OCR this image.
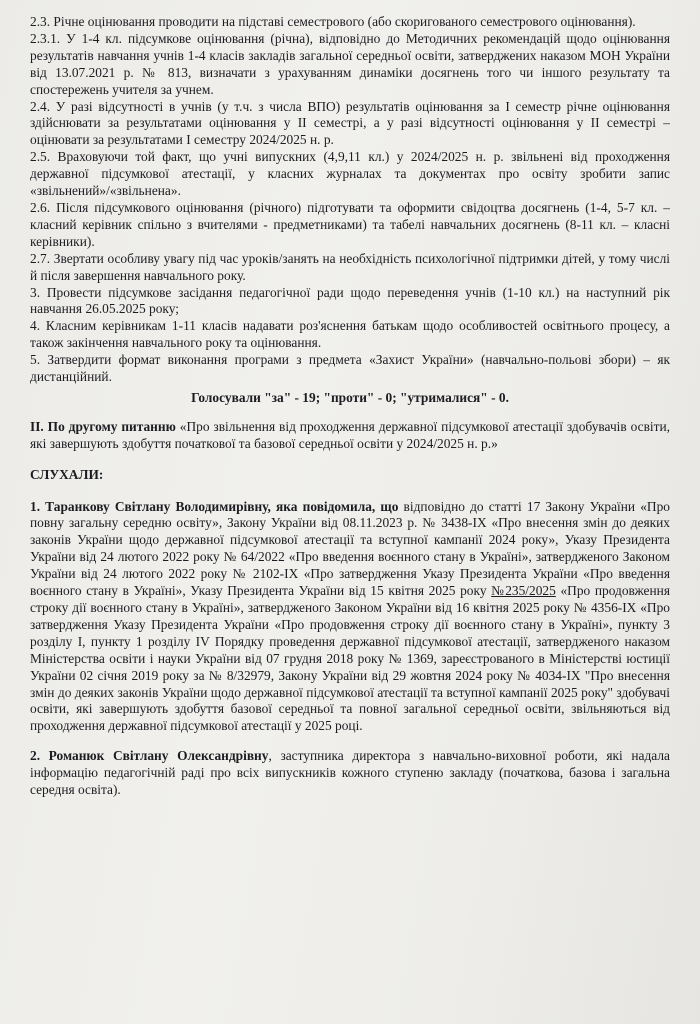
2.3. Річне оцінювання проводити на підставі семестрового (або скоригованого семестрового оцінювання).

2.3.1. У 1-4 кл. підсумкове оцінювання (річна), відповідно до Методичних рекомендацій щодо оцінювання результатів навчання учнів 1-4 класів закладів загальної середньої освіти, затверджених наказом МОН України від 13.07.2021 р. № 813, визначати з урахуванням динаміки досягнень того чи іншого результату та спостережень учителя за учнем.

2.4. У разі відсутності в учнів (у т.ч. з числа ВПО) результатів оцінювання за І семестр річне оцінювання здійснювати за результатами оцінювання у ІІ семестрі, а у разі відсутності оцінювання у ІІ семестрі – оцінювати за результатами І семестру 2024/2025 н. р.

2.5. Враховуючи той факт, що учні випускних (4,9,11 кл.) у 2024/2025 н. р. звільнені від проходження державної підсумкової атестації, у класних журналах та документах про освіту зробити запис «звільнений»/«звільнена».

2.6. Після підсумкового оцінювання (річного) підготувати та оформити свідоцтва досягнень (1-4, 5-7 кл. – класний керівник спільно з вчителями - предметниками) та табелі навчальних досягнень (8-11 кл. – класні керівники).

2.7. Звертати особливу увагу під час уроків/занять на необхідність психологічної підтримки дітей, у тому числі й після завершення навчального року.

3. Провести підсумкове засідання педагогічної ради щодо переведення учнів (1-10 кл.) на наступний рік навчання 26.05.2025 року;

4. Класним керівникам 1-11 класів надавати роз'яснення батькам щодо особливостей освітнього процесу, а також закінчення навчального року та оцінювання.

5. Затвердити формат виконання програми з предмета «Захист України» (навчально-польові збори) – як дистанційний.

Голосували "за" - 19; "проти" - 0; "утрималися" - 0.

ІІ. По другому питанню «Про звільнення від проходження державної підсумкової атестації здобувачів освіти, які завершують здобуття початкової та базової середньої освіти у 2024/2025 н. р.»

СЛУХАЛИ:

1. Таранкову Світлану Володимирівну, яка повідомила, що відповідно до статті 17 Закону України «Про повну загальну середню освіту», Закону України від 08.11.2023 р. № 3438-IX «Про внесення змін до деяких законів України щодо державної підсумкової атестації та вступної кампанії 2024 року», Указу Президента України від 24 лютого 2022 року № 64/2022 «Про введення воєнного стану в Україні», затвердженого Законом України від 24 лютого 2022 року № 2102-IX «Про затвердження Указу Президента України «Про введення воєнного стану в Україні», Указу Президента України від 15 квітня 2025 року №235/2025 «Про продовження строку дії воєнного стану в Україні», затвердженого Законом України від 16 квітня 2025 року № 4356-IX «Про затвердження Указу Президента України «Про продовження строку дії воєнного стану в Україні», пункту 3 розділу І, пункту 1 розділу IV Порядку проведення державної підсумкової атестації, затвердженого наказом Міністерства освіти і науки України від 07 грудня 2018 року № 1369, зареєстрованого в Міністерстві юстиції України 02 січня 2019 року за № 8/32979, Закону України від 29 жовтня 2024 року № 4034-IX "Про внесення змін до деяких законів України щодо державної підсумкової атестації та вступної кампанії 2025 року" здобувачі освіти, які завершують здобуття базової середньої та повної загальної середньої освіти, звільняються від проходження державної підсумкової атестації у 2025 році.

2. Романюк Світлану Олександрівну, заступника директора з навчально-виховної роботи, які надала інформацію педагогічній раді про всіх випускників кожного ступеню закладу (початкова, базова і загальна середня освіта).
